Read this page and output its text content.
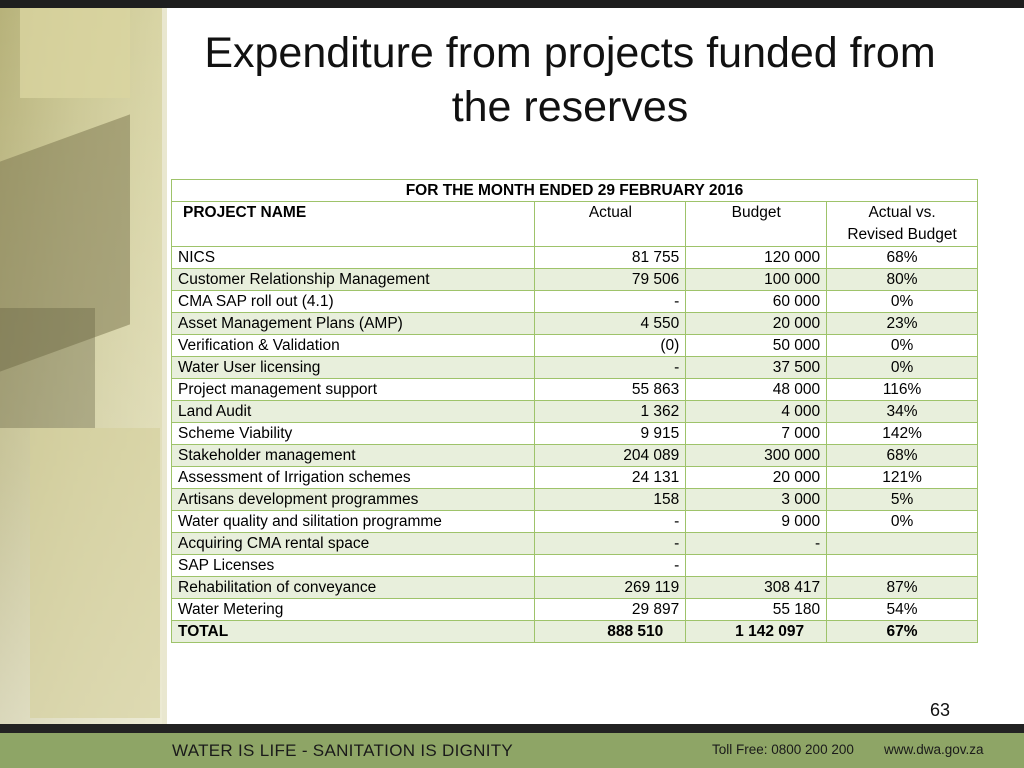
Expenditure from projects funded from the reserves
FOR THE MONTH ENDED 29 FEBRUARY 2016			
PROJECT NAME	Actual	Budget	Actual vs.
Revised Budget
NICS	81 755	120 000	68%
Customer Relationship Management	79 506	100 000	80%
CMA SAP roll out (4.1)	-	60 000	0%
Asset Management Plans (AMP)	4 550	20 000	23%
Verification & Validation	(0)	50 000	0%
Water User licensing	-	37 500	0%
Project management support	55 863	48 000	116%
Land Audit	1 362	4 000	34%
Scheme Viability	9 915	7 000	142%
Stakeholder management	204 089	300 000	68%
Assessment of Irrigation schemes	24 131	20 000	121%
Artisans development programmes	158	3 000	5%
Water quality and silitation programme	-	9 000	0%
Acquiring CMA rental space	-	-	
SAP Licenses	-		
Rehabilitation of conveyance	269 119	308 417	87%
Water Metering	29 897	55 180	54%
TOTAL	888 510	1 142 097	67%
63
WATER IS LIFE - SANITATION IS DIGNITY	Toll Free: 0800 200 200 www.dwa.gov.za
